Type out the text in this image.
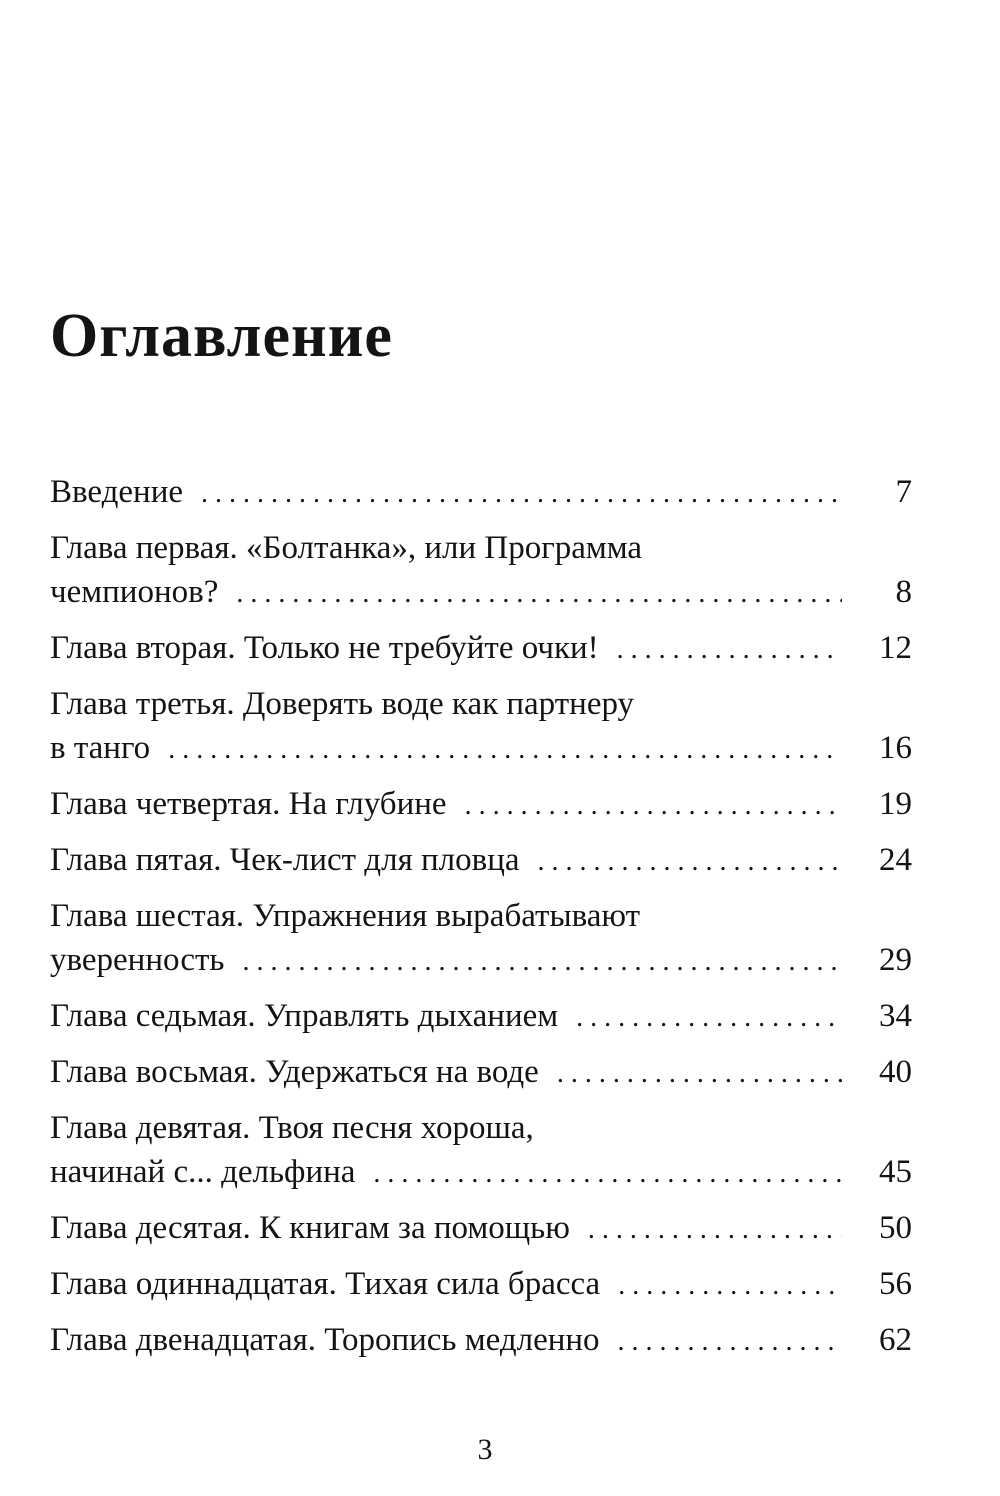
Оглавление
Введение . . .	7
Глава первая. «Болтанка», или Программа
чемпионов? . . .	8
Глава вторая. Только не требуйте очки! . . .	12
Глава третья. Доверять воде как партнеру
в танго . . .	16
Глава четвертая. На глубине . . .	19
Глава пятая. Чек-лист для пловца . . .	24
Глава шестая. Упражнения вырабатывают
уверенность . . .	29
Глава седьмая. Управлять дыханием . . .	34
Глава восьмая. Удержаться на воде . . .	40
Глава девятая. Твоя песня хороша,
начинай с... дельфина . . .	45
Глава десятая. К книгам за помощью . . .	50
Глава одиннадцатая. Тихая сила брасса . . .	56
Глава двенадцатая. Торопись медленно . . .	62
3
